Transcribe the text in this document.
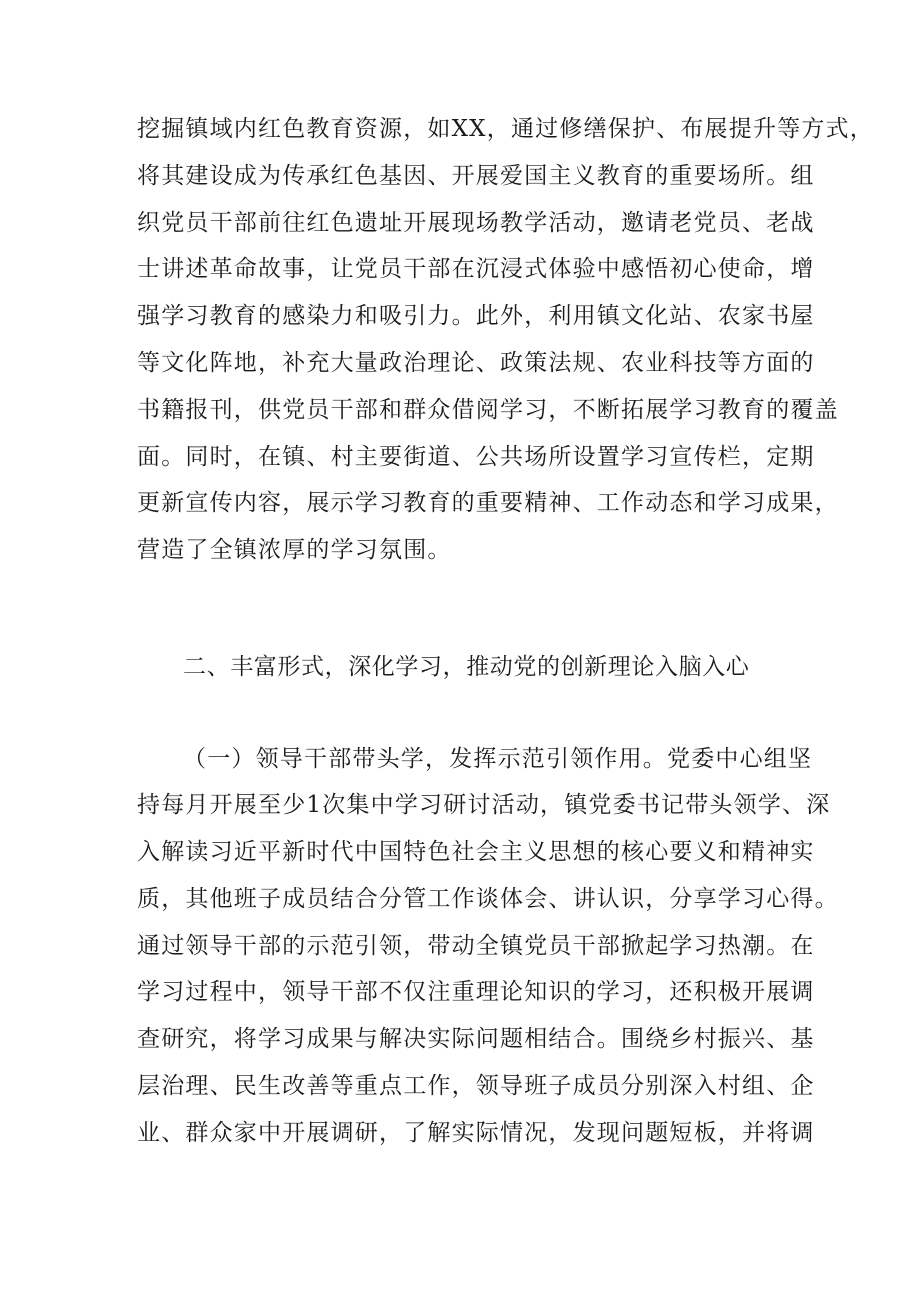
挖掘镇域内红色教育资源，如XX，通过修缮保护、布展提升等方式，
将其建设成为传承红色基因、开展爱国主义教育的重要场所。组
织党员干部前往红色遗址开展现场教学活动，邀请老党员、老战
士讲述革命故事，让党员干部在沉浸式体验中感悟初心使命，增
强学习教育的感染力和吸引力。此外，利用镇文化站、农家书屋
等文化阵地，补充大量政治理论、政策法规、农业科技等方面的
书籍报刊，供党员干部和群众借阅学习，不断拓展学习教育的覆盖
面。同时，在镇、村主要街道、公共场所设置学习宣传栏，定期
更新宣传内容，展示学习教育的重要精神、工作动态和学习成果，
营造了全镇浓厚的学习氛围。
二、丰富形式，深化学习，推动党的创新理论入脑入心
（一）领导干部带头学，发挥示范引领作用。党委中心组坚
持每月开展至少1次集中学习研讨活动，镇党委书记带头领学、深
入解读习近平新时代中国特色社会主义思想的核心要义和精神实
质，其他班子成员结合分管工作谈体会、讲认识，分享学习心得。
通过领导干部的示范引领，带动全镇党员干部掀起学习热潮。在
学习过程中，领导干部不仅注重理论知识的学习，还积极开展调
查研究，将学习成果与解决实际问题相结合。围绕乡村振兴、基
层治理、民生改善等重点工作，领导班子成员分别深入村组、企
业、群众家中开展调研，了解实际情况，发现问题短板，并将调
